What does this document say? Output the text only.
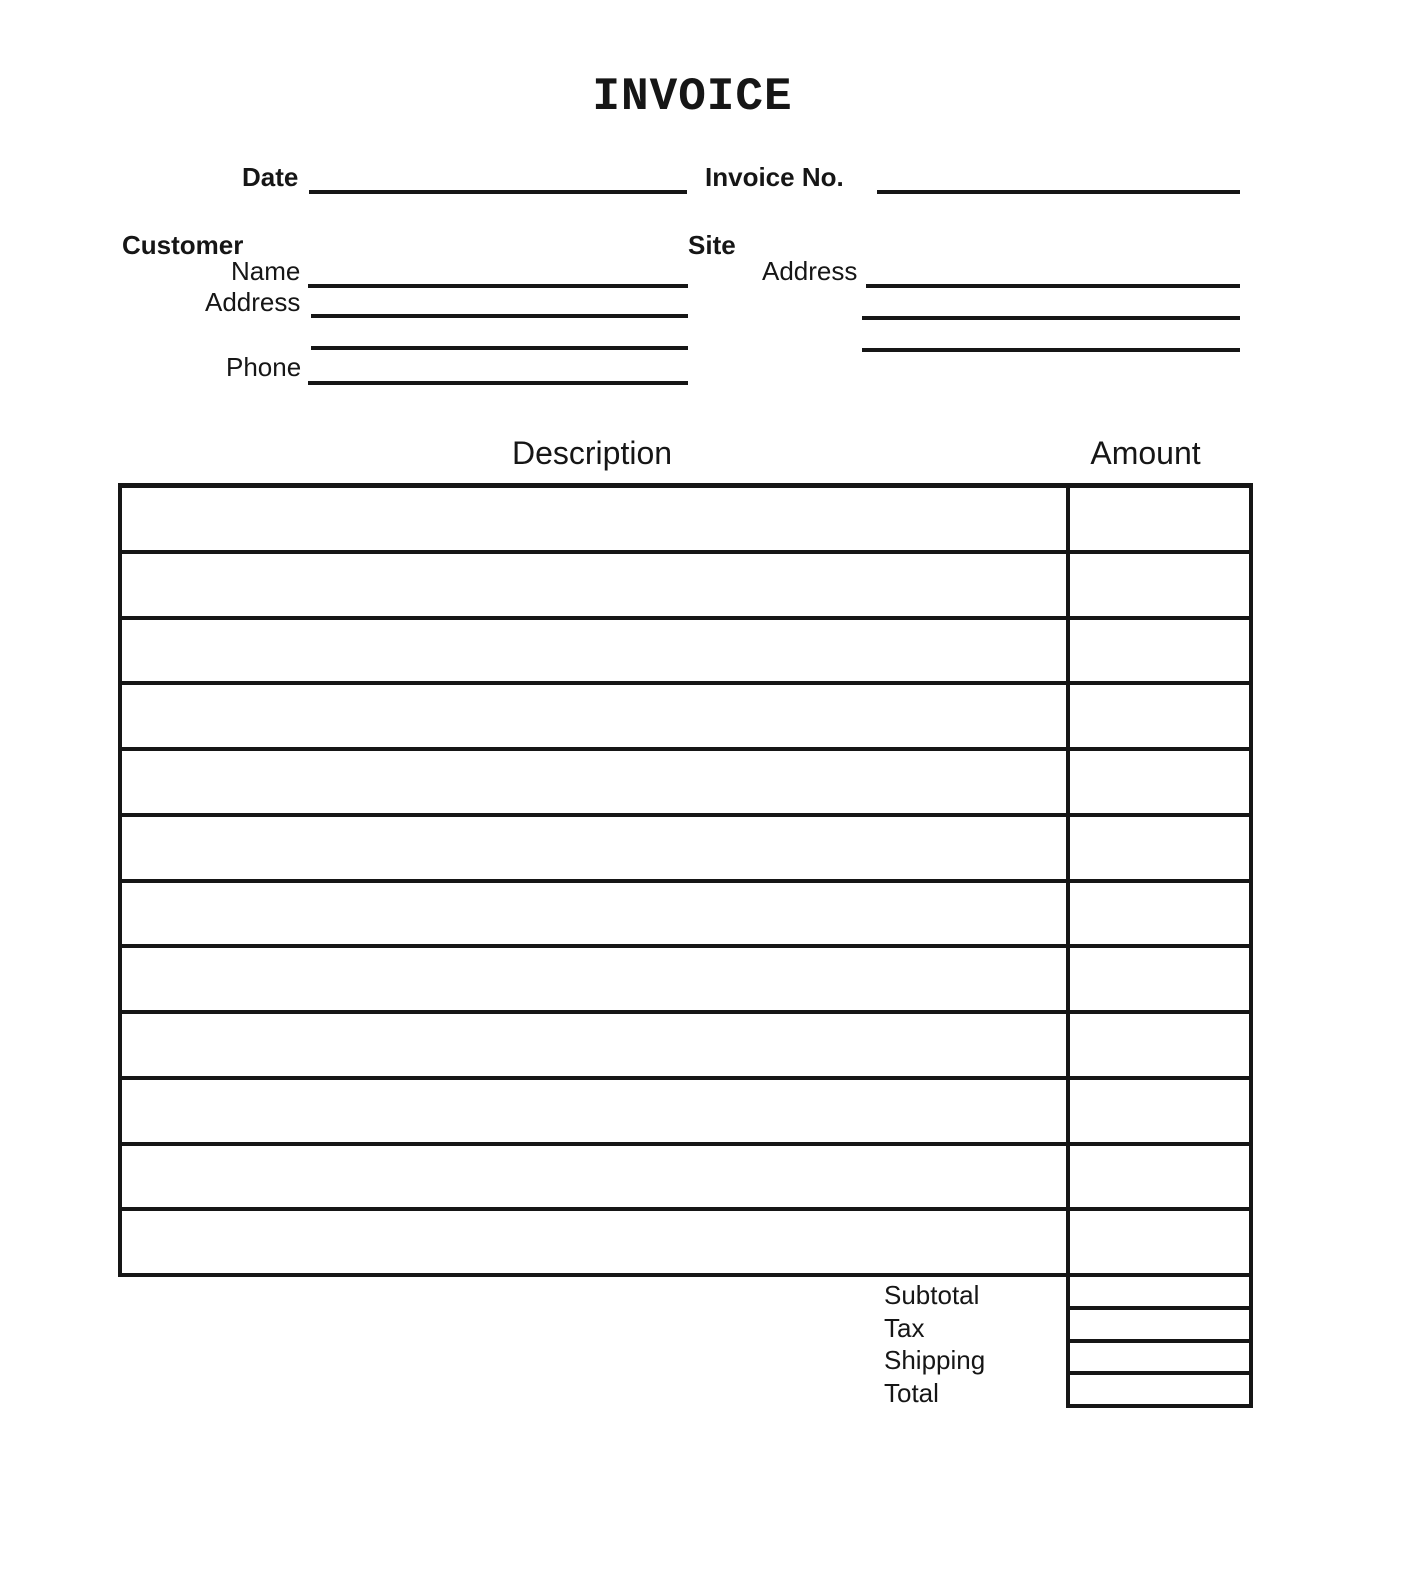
INVOICE
Date	Invoice No.
Customer
Name
Address
Phone
Site
Address
Description	Amount
Subtotal
Tax
Shipping
Total
